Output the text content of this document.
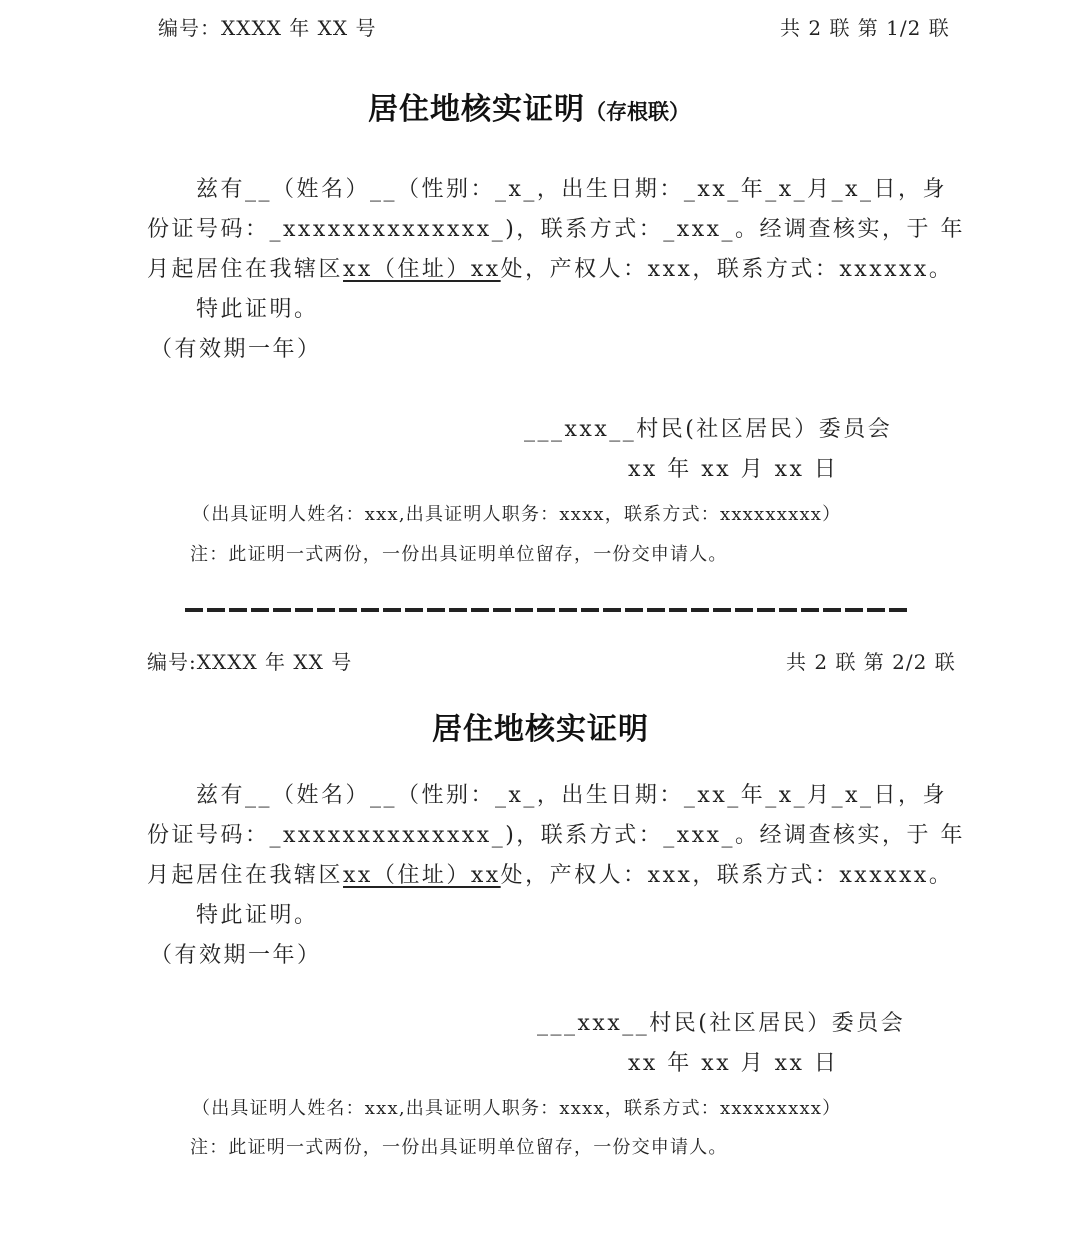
编号：XXXX 年 XX 号	共 2 联 第 1/2 联

居住地核实证明（存根联）

兹有__（姓名）__（性别：_x_，出生日期：_xx_年_x_月_x_日，身

份证号码：_xxxxxxxxxxxxxx_)，联系方式：_xxx_。经调查核实，于 年

月起居住在我辖区xx（住址）xx处，产权人：xxx，联系方式：xxxxxx。

特此证明。

（有效期一年）

___xxx__村民(社区居民）委员会

xx 年 xx 月 xx 日

（出具证明人姓名：xxx,出具证明人职务：xxxx，联系方式：xxxxxxxxx）

注：此证明一式两份，一份出具证明单位留存，一份交申请人。

编号:XXXX 年 XX 号	共 2 联 第 2/2 联

居住地核实证明

兹有__（姓名）__（性别：_x_，出生日期：_xx_年_x_月_x_日，身

份证号码：_xxxxxxxxxxxxxx_)，联系方式：_xxx_。经调查核实，于 年

月起居住在我辖区xx（住址）xx处，产权人：xxx，联系方式：xxxxxx。

特此证明。

（有效期一年）

___xxx__村民(社区居民）委员会

xx 年 xx 月 xx 日

（出具证明人姓名：xxx,出具证明人职务：xxxx，联系方式：xxxxxxxxx）

注：此证明一式两份，一份出具证明单位留存，一份交申请人。
